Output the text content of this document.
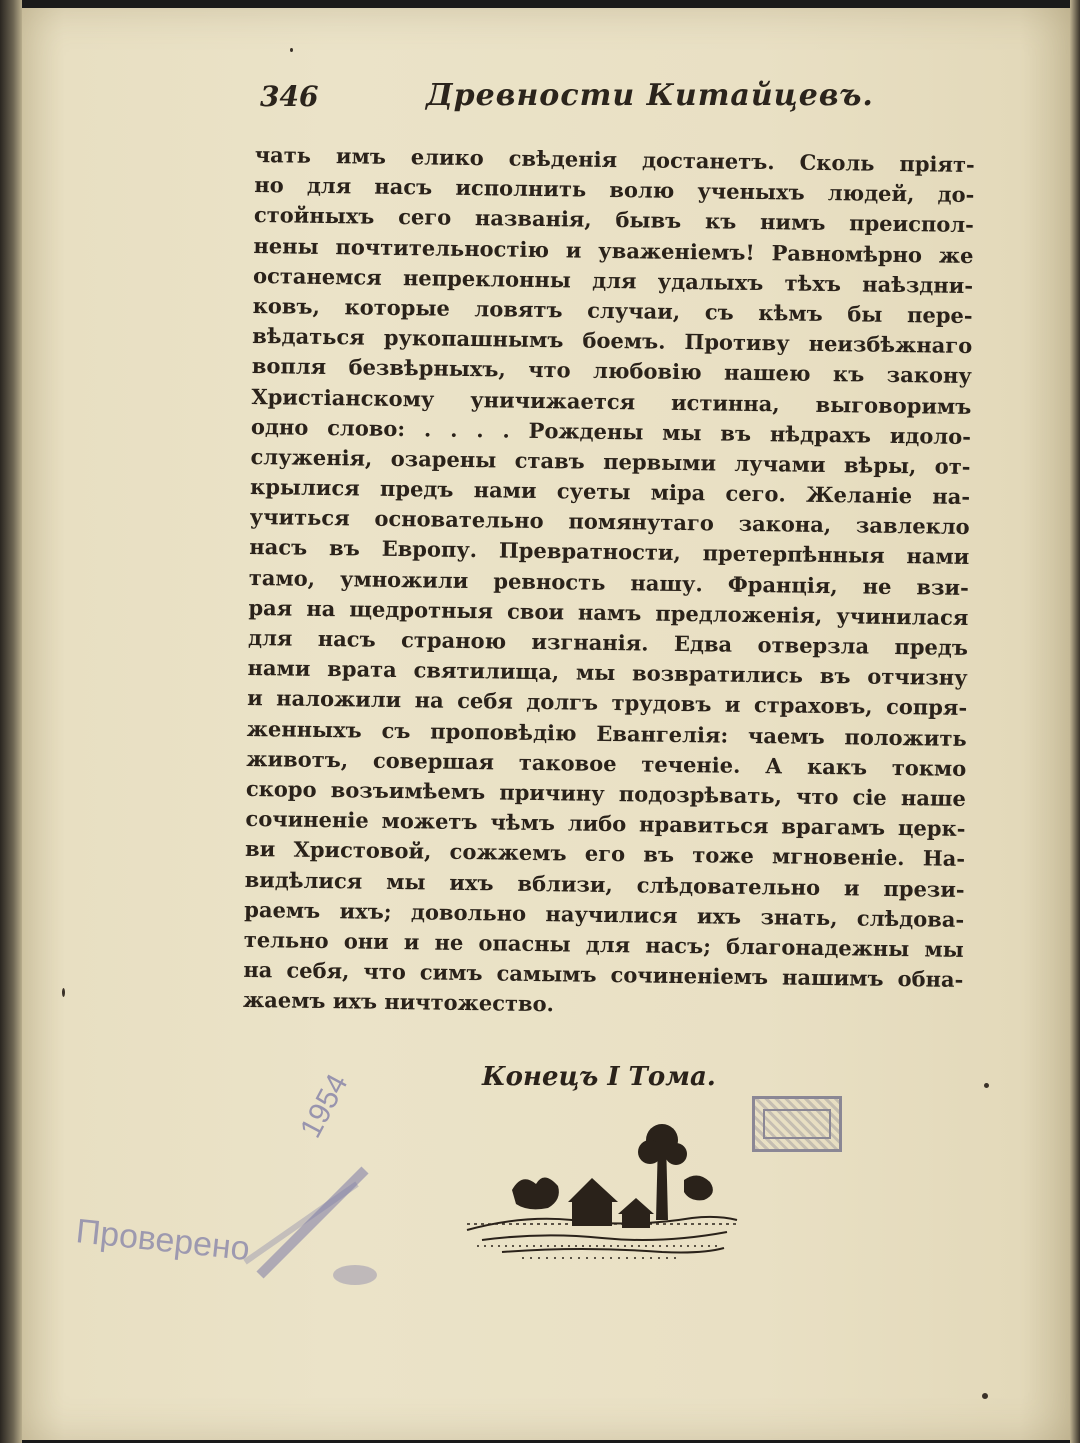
346	Древности Китайцевъ.
чать имъ елико свѣденія достанетъ. Сколь пріят-
но для насъ исполнить волю ученыхъ людей, до-
стойныхъ сего названія, бывъ къ нимъ преиспол-
нены почтительностію и уваженіемъ! Равномѣрно же
останемся непреклонны для удалыхъ тѣхъ наѣздни-
ковъ, которые ловятъ случаи, съ кѣмъ бы пере-
вѣдаться рукопашнымъ боемъ. Противу неизбѣжнаго
вопля безвѣрныхъ, что любовію нашею къ закону
Христіанскому уничижается истинна, выговоримъ
одно слово: . . . . Рождены мы въ нѣдрахъ идоло-
служенія, озарены ставъ первыми лучами вѣры, от-
крылися предъ нами суеты міра сего. Желаніе на-
учиться основательно помянутаго закона, завлекло
насъ въ Европу. Превратности, претерпѣнныя нами
тамо, умножили ревность нашу. Франція, не взи-
рая на щедротныя свои намъ предложенія, учинилася
для насъ страною изгнанія. Едва отверзла предъ
нами врата святилища, мы возвратились въ отчизну
и наложили на себя долгъ трудовъ и страховъ, сопря-
женныхъ съ проповѣдію Евангелія: чаемъ положить
животъ, совершая таковое теченіе. А какъ токмо
скоро возъимѣемъ причину подозрѣвать, что сіе наше
сочиненіе можетъ чѣмъ либо нравиться врагамъ церк-
ви Христовой, сожжемъ его въ тоже мгновеніе. На-
видѣлися мы ихъ вблизи, слѣдовательно и прези-
раемъ ихъ; довольно научилися ихъ знать, слѣдова-
тельно они и не опасны для насъ; благонадежны мы
на себя, что симъ самымъ сочиненіемъ нашимъ обна-
жаемъ ихъ ничтожество.
Конецъ I Тома.
Проверено
1954
